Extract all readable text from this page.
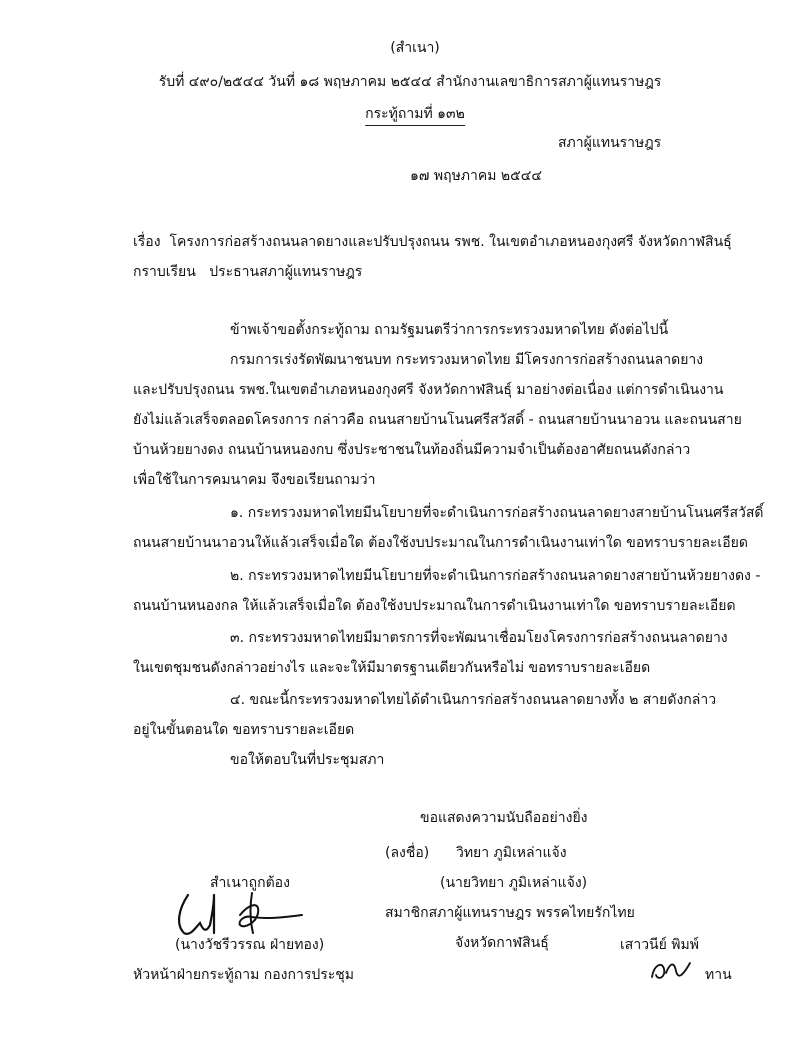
(สำเนา)
รับที่ ๔๙๐/๒๕๔๔ วันที่ ๑๘ พฤษภาคม ๒๕๔๔ สำนักงานเลขาธิการสภาผู้แทนราษฎร
กระทู้ถามที่ ๑๓๒
สภาผู้แทนราษฎร
๑๗ พฤษภาคม ๒๕๔๔
เรื่อง โครงการก่อสร้างถนนลาดยางและปรับปรุงถนน รพช. ในเขตอำเภอหนองกุงศรี จังหวัดกาฬสินธุ์
กราบเรียน ประธานสภาผู้แทนราษฎร
ข้าพเจ้าขอตั้งกระทู้ถาม ถามรัฐมนตรีว่าการกระทรวงมหาดไทย ดังต่อไปนี้
กรมการเร่งรัดพัฒนาชนบท กระทรวงมหาดไทย มีโครงการก่อสร้างถนนลาดยาง
และปรับปรุงถนน รพช.ในเขตอำเภอหนองกุงศรี จังหวัดกาฬสินธุ์ มาอย่างต่อเนื่อง แต่การดำเนินงาน
ยังไม่แล้วเสร็จตลอดโครงการ กล่าวคือ ถนนสายบ้านโนนศรีสวัสดิ์ - ถนนสายบ้านนาอวน และถนนสาย
บ้านห้วยยางดง ถนนบ้านหนองกบ ซึ่งประชาชนในท้องถิ่นมีความจำเป็นต้องอาศัยถนนดังกล่าว
เพื่อใช้ในการคมนาคม จึงขอเรียนถามว่า
๑. กระทรวงมหาดไทยมีนโยบายที่จะดำเนินการก่อสร้างถนนลาดยางสายบ้านโนนศรีสวัสดิ์
ถนนสายบ้านนาอวนให้แล้วเสร็จเมื่อใด ต้องใช้งบประมาณในการดำเนินงานเท่าใด ขอทราบรายละเอียด
๒. กระทรวงมหาดไทยมีนโยบายที่จะดำเนินการก่อสร้างถนนลาดยางสายบ้านห้วยยางดง -
ถนนบ้านหนองกล ให้แล้วเสร็จเมื่อใด ต้องใช้งบประมาณในการดำเนินงานเท่าใด ขอทราบรายละเอียด
๓. กระทรวงมหาดไทยมีมาตรการที่จะพัฒนาเชื่อมโยงโครงการก่อสร้างถนนลาดยาง
ในเขตชุมชนดังกล่าวอย่างไร และจะให้มีมาตรฐานเดียวกันหรือไม่ ขอทราบรายละเอียด
๔. ขณะนี้กระทรวงมหาดไทยได้ดำเนินการก่อสร้างถนนลาดยางทั้ง ๒ สายดังกล่าว
อยู่ในขั้นตอนใด ขอทราบรายละเอียด
ขอให้ตอบในที่ประชุมสภา
ขอแสดงความนับถืออย่างยิ่ง
(ลงชื่อ) วิทยา ภูมิเหล่าแจ้ง
(นายวิทยา ภูมิเหล่าแจ้ง)
สมาชิกสภาผู้แทนราษฎร พรรคไทยรักไทย
จังหวัดกาฬสินธุ์
สำเนาถูกต้อง
(นางวัชรีวรรณ ฝ่ายทอง)
หัวหน้าฝ่ายกระทู้ถาม กองการประชุม
เสาวนีย์ พิมพ์
ทาน
